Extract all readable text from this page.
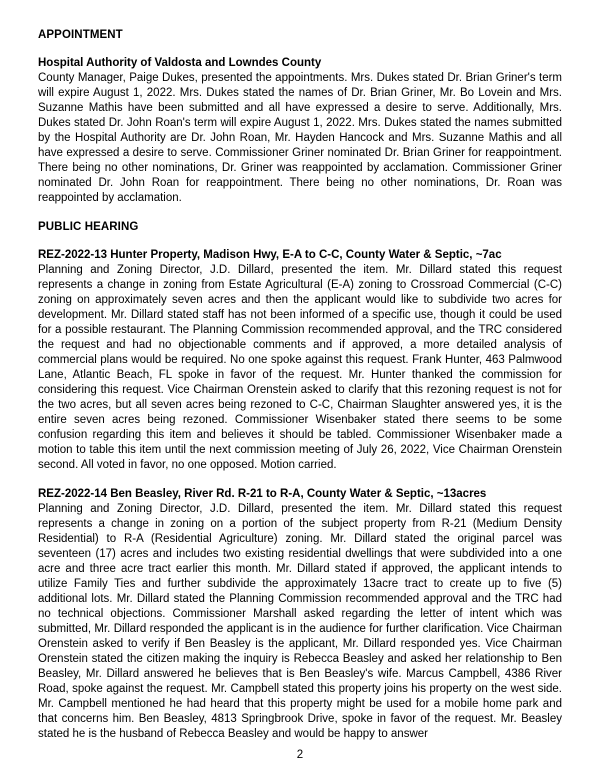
APPOINTMENT
Hospital Authority of Valdosta and Lowndes County

County Manager, Paige Dukes, presented the appointments. Mrs. Dukes stated Dr. Brian Griner's term will expire August 1, 2022. Mrs. Dukes stated the names of Dr. Brian Griner, Mr. Bo Lovein and Mrs. Suzanne Mathis have been submitted and all have expressed a desire to serve. Additionally, Mrs. Dukes stated Dr. John Roan's term will expire August 1, 2022. Mrs. Dukes stated the names submitted by the Hospital Authority are Dr. John Roan, Mr. Hayden Hancock and Mrs. Suzanne Mathis and all have expressed a desire to serve. Commissioner Griner nominated Dr. Brian Griner for reappointment. There being no other nominations, Dr. Griner was reappointed by acclamation. Commissioner Griner nominated Dr. John Roan for reappointment. There being no other nominations, Dr. Roan was reappointed by acclamation.

PUBLIC HEARING
REZ-2022-13 Hunter Property, Madison Hwy, E-A to C-C, County Water & Septic, ~7ac

Planning and Zoning Director, J.D. Dillard, presented the item. Mr. Dillard stated this request represents a change in zoning from Estate Agricultural (E-A) zoning to Crossroad Commercial (C-C) zoning on approximately seven acres and then the applicant would like to subdivide two acres for development. Mr. Dillard stated staff has not been informed of a specific use, though it could be used for a possible restaurant. The Planning Commission recommended approval, and the TRC considered the request and had no objectionable comments and if approved, a more detailed analysis of commercial plans would be required. No one spoke against this request. Frank Hunter, 463 Palmwood Lane, Atlantic Beach, FL spoke in favor of the request. Mr. Hunter thanked the commission for considering this request. Vice Chairman Orenstein asked to clarify that this rezoning request is not for the two acres, but all seven acres being rezoned to C-C, Chairman Slaughter answered yes, it is the entire seven acres being rezoned. Commissioner Wisenbaker stated there seems to be some confusion regarding this item and believes it should be tabled. Commissioner Wisenbaker made a motion to table this item until the next commission meeting of July 26, 2022, Vice Chairman Orenstein second. All voted in favor, no one opposed. Motion carried.

REZ-2022-14 Ben Beasley, River Rd. R-21 to R-A, County Water & Septic, ~13acres

Planning and Zoning Director, J.D. Dillard, presented the item. Mr. Dillard stated this request represents a change in zoning on a portion of the subject property from R-21 (Medium Density Residential) to R-A (Residential Agriculture) zoning. Mr. Dillard stated the original parcel was seventeen (17) acres and includes two existing residential dwellings that were subdivided into a one acre and three acre tract earlier this month. Mr. Dillard stated if approved, the applicant intends to utilize Family Ties and further subdivide the approximately 13acre tract to create up to five (5) additional lots. Mr. Dillard stated the Planning Commission recommended approval and the TRC had no technical objections. Commissioner Marshall asked regarding the letter of intent which was submitted, Mr. Dillard responded the applicant is in the audience for further clarification. Vice Chairman Orenstein asked to verify if Ben Beasley is the applicant, Mr. Dillard responded yes. Vice Chairman Orenstein stated the citizen making the inquiry is Rebecca Beasley and asked her relationship to Ben Beasley, Mr. Dillard answered he believes that is Ben Beasley's wife. Marcus Campbell, 4386 River Road, spoke against the request. Mr. Campbell stated this property joins his property on the west side. Mr. Campbell mentioned he had heard that this property might be used for a mobile home park and that concerns him. Ben Beasley, 4813 Springbrook Drive, spoke in favor of the request. Mr. Beasley stated he is the husband of Rebecca Beasley and would be happy to answer

2
